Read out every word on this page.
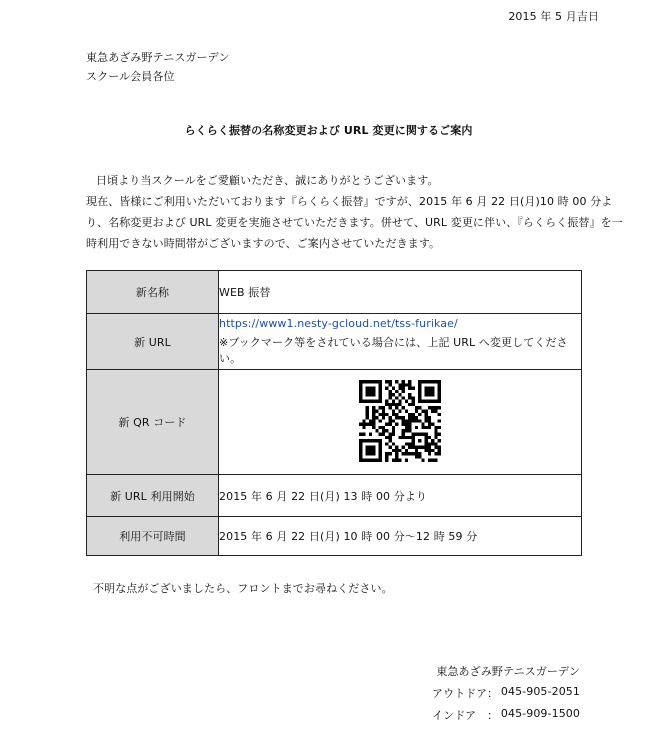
2015 年 5 月吉日
東急あざみ野テニスガーデン
スクール会員各位
らくらく振替の名称変更および URL 変更に関するご案内
日頃より当スクールをご愛顧いただき、誠にありがとうございます。
現在、皆様にご利用いただいております『らくらく振替』ですが、2015 年 6 月 22 日(月)10 時 00 分よ
り、名称変更および URL 変更を実施させていただきます。併せて、URL 変更に伴い、『らくらく振替』を一
時利用できない時間帯がございますので、ご案内させていただきます。
新名称	WEB 振替
新 URL	https://www1.nesty-gcloud.net/tss-furikae/
※ブックマーク等をされている場合には、上記 URL へ変更してください。

新 QR コード	

新 URL 利用開始	2015 年 6 月 22 日(月) 13 時 00 分より
利用不可時間	2015 年 6 月 22 日(月) 10 時 00 分〜12 時 59 分
不明な点がございましたら、フロントまでお尋ねください。
東急あざみ野テニスガーデン
アウトドア： 045-905-2051
インドア　： 045-909-1500
